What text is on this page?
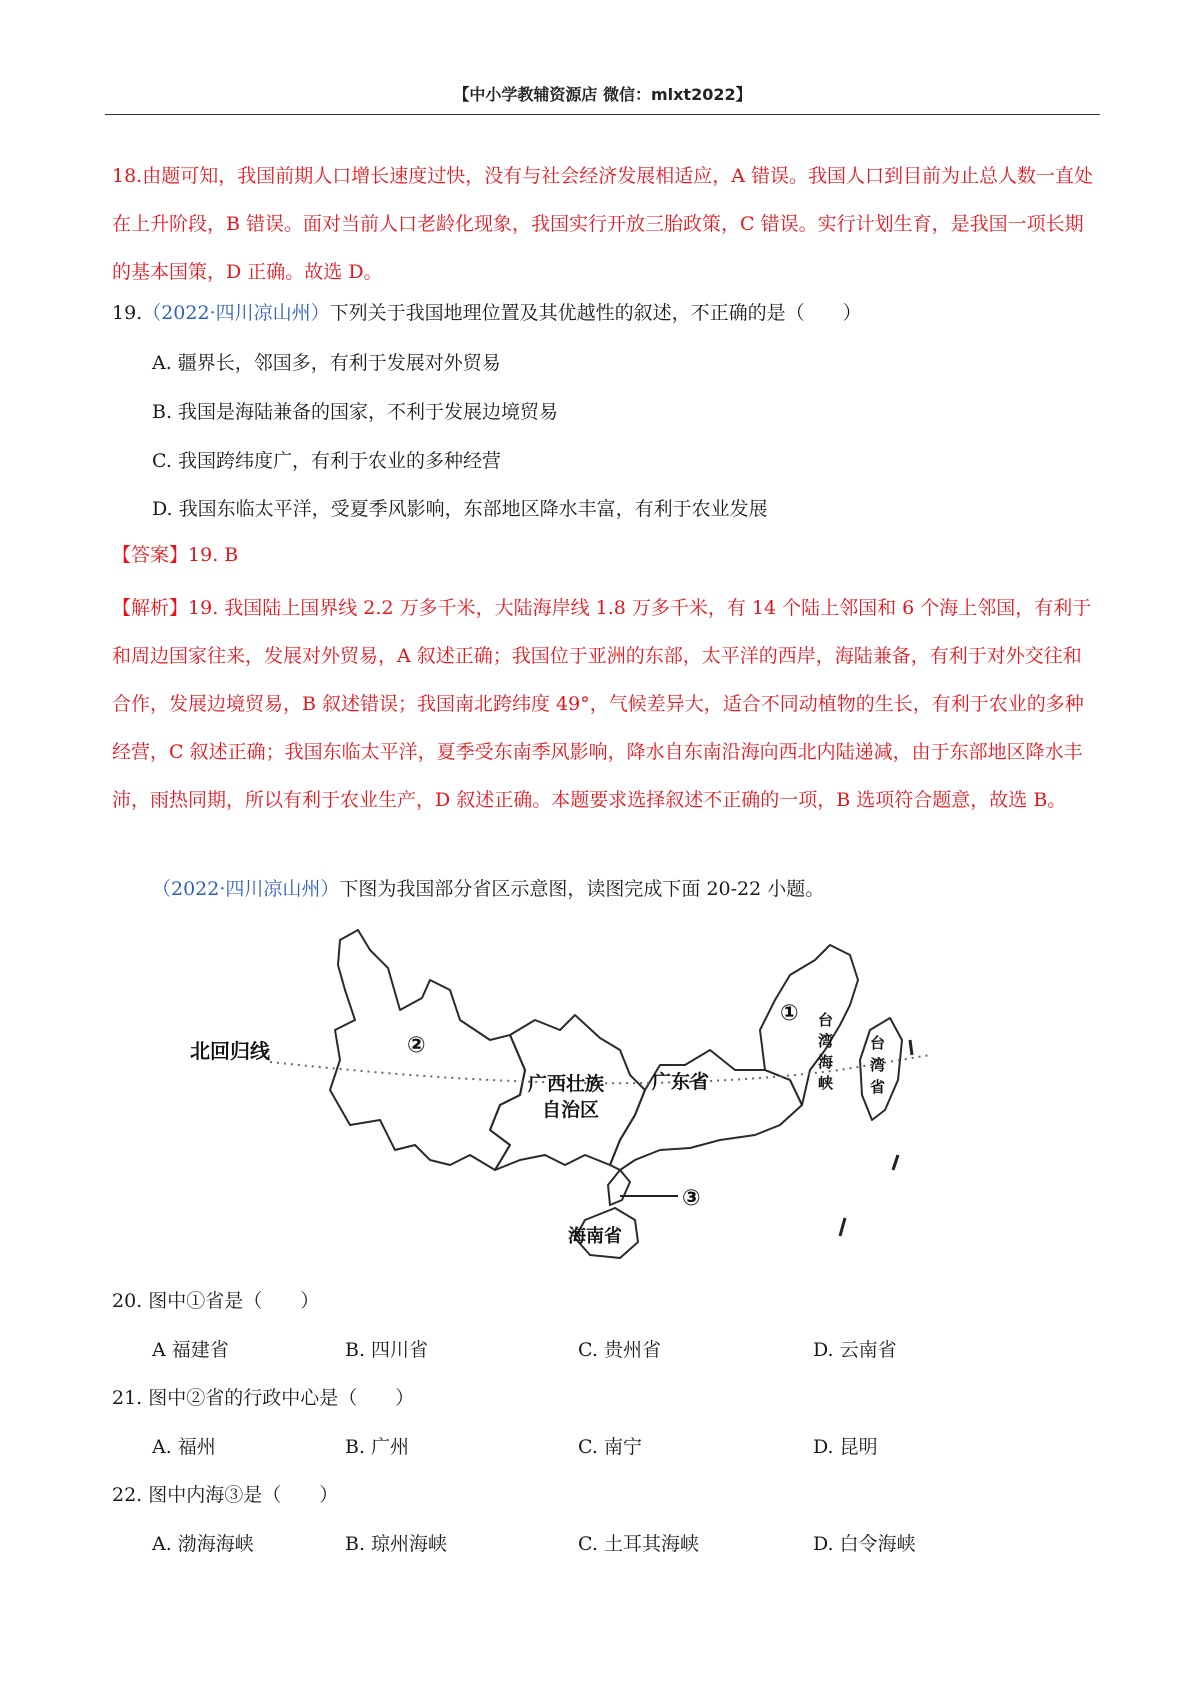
【中小学教辅资源店 微信：mlxt2022】
18.由题可知，我国前期人口增长速度过快，没有与社会经济发展相适应，A 错误。我国人口到目前为止总人数一直处在上升阶段，B 错误。面对当前人口老龄化现象，我国实行开放三胎政策，C 错误。实行计划生育，是我国一项长期的基本国策，D 正确。故选 D。
19.（2022·四川凉山州）下列关于我国地理位置及其优越性的叙述，不正确的是（　　）
A. 疆界长，邻国多，有利于发展对外贸易
B. 我国是海陆兼备的国家，不利于发展边境贸易
C. 我国跨纬度广，有利于农业的多种经营
D. 我国东临太平洋，受夏季风影响，东部地区降水丰富，有利于农业发展
【答案】19. B
【解析】19. 我国陆上国界线 2.2 万多千米，大陆海岸线 1.8 万多千米，有 14 个陆上邻国和 6 个海上邻国，有利于和周边国家往来，发展对外贸易，A 叙述正确；我国位于亚洲的东部，太平洋的西岸，海陆兼备，有利于对外交往和合作，发展边境贸易，B 叙述错误；我国南北跨纬度 49°，气候差异大，适合不同动植物的生长，有利于农业的多种经营，C 叙述正确；我国东临太平洋，夏季受东南季风影响，降水自东南沿海向西北内陆递减，由于东部地区降水丰沛，雨热同期，所以有利于农业生产，D 叙述正确。本题要求选择叙述不正确的一项，B 选项符合题意，故选 B。
（2022·四川凉山州）下图为我国部分省区示意图，读图完成下面 20-22 小题。
北回归线	②
①
③
广西壮族
自治区
广东省
海南省
台
湾
海
峡
台
湾
省
20. 图中①省是（　　）
A 福建省	B. 四川省	C. 贵州省	D. 云南省
21. 图中②省的行政中心是（　　）
A. 福州	B. 广州	C. 南宁	D. 昆明
22. 图中内海③是（　　）
A. 渤海海峡	B. 琼州海峡	C. 土耳其海峡	D. 白令海峡
